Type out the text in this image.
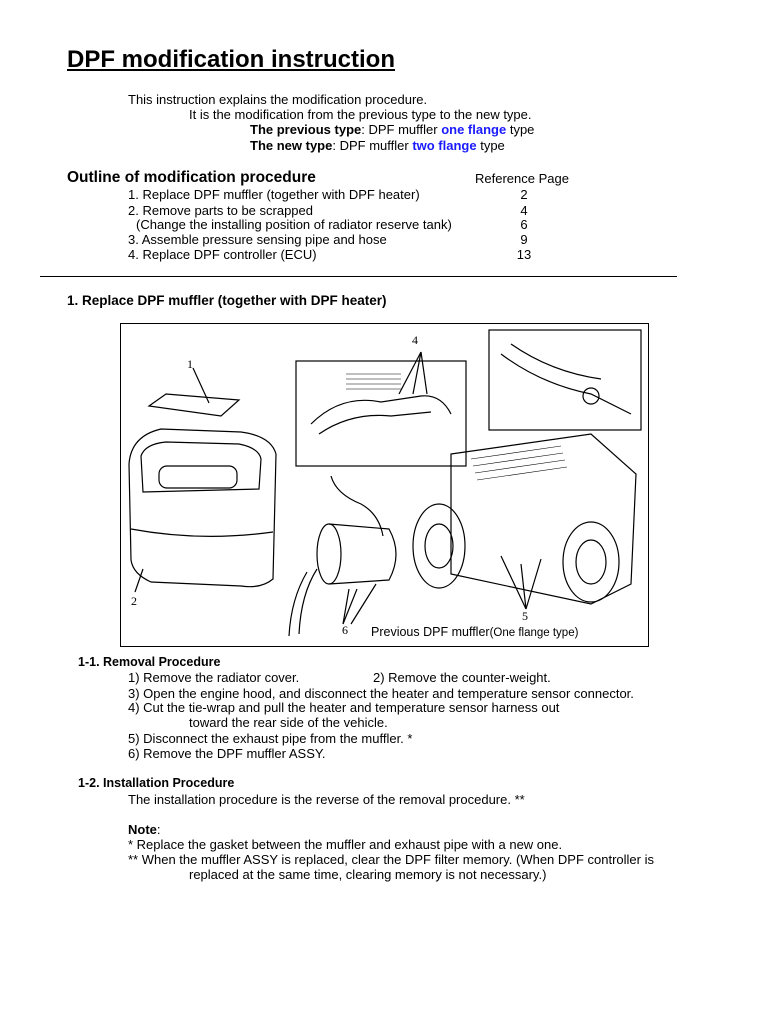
DPF modification instruction
This instruction explains the modification procedure.
It is the modification from the previous type to the new type.
The previous type: DPF muffler one flange type
The new type: DPF muffler two flange type
Outline of modification procedure	Reference Page
1. Replace DPF muffler (together with DPF heater)	2
2. Remove parts to be scrapped	4
(Change the installing position of radiator reserve tank)	6
3. Assemble pressure sensing pipe and hose	9
4. Replace DPF controller (ECU)	13
1. Replace DPF muffler (together with DPF heater)
1
2
4
5
6 Previous DPF muffler(One flange type)
1-1. Removal Procedure
1) Remove the radiator cover.	2) Remove the counter-weight.
3) Open the engine hood, and disconnect the heater and temperature sensor connector.
4) Cut the tie-wrap and pull the heater and temperature sensor harness out
toward the rear side of the vehicle.
5) Disconnect the exhaust pipe from the muffler. *
6) Remove the DPF muffler ASSY.
1-2. Installation Procedure
The installation procedure is the reverse of the removal procedure. **
Note:
* Replace the gasket between the muffler and exhaust pipe with a new one.
** When the muffler ASSY is replaced, clear the DPF filter memory. (When DPF controller is
replaced at the same time, clearing memory is not necessary.)
